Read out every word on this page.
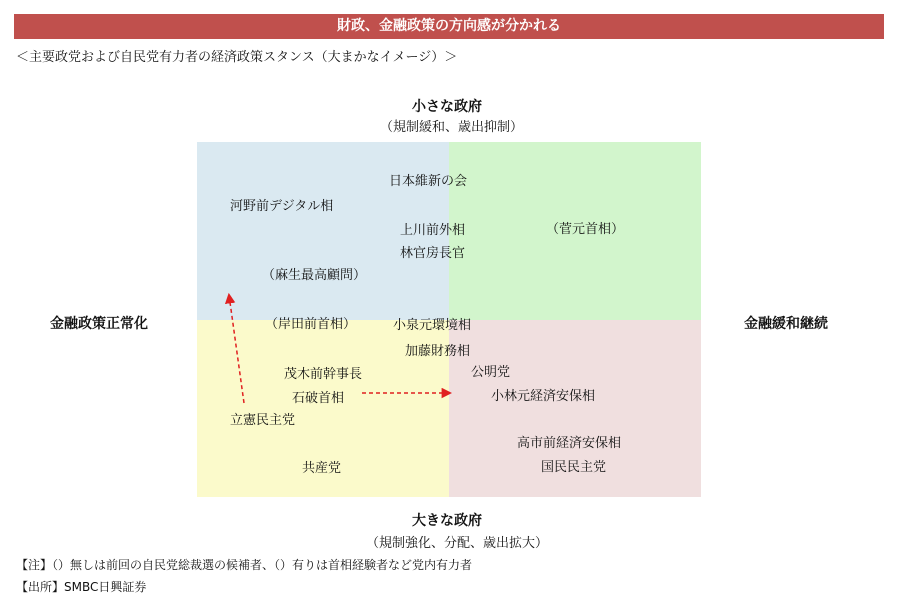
財政、金融政策の方向感が分かれる
＜主要政党および自民党有力者の経済政策スタンス（大まかなイメージ）＞
小さな政府
（規制緩和、歳出抑制）
金融政策正常化	金融緩和継続
大きな政府
（規制強化、分配、歳出拡大）
日本維新の会
河野前デジタル相
上川前外相	（菅元首相）
林官房長官
（麻生最高顧問）
（岸田前首相）	小泉元環境相
加藤財務相
茂木前幹事長	公明党
石破首相	小林元経済安保相
立憲民主党
高市前経済安保相
共産党	国民民主党
【注】（）無しは前回の自民党総裁選の候補者、（）有りは首相経験者など党内有力者
【出所】SMBC日興証券
